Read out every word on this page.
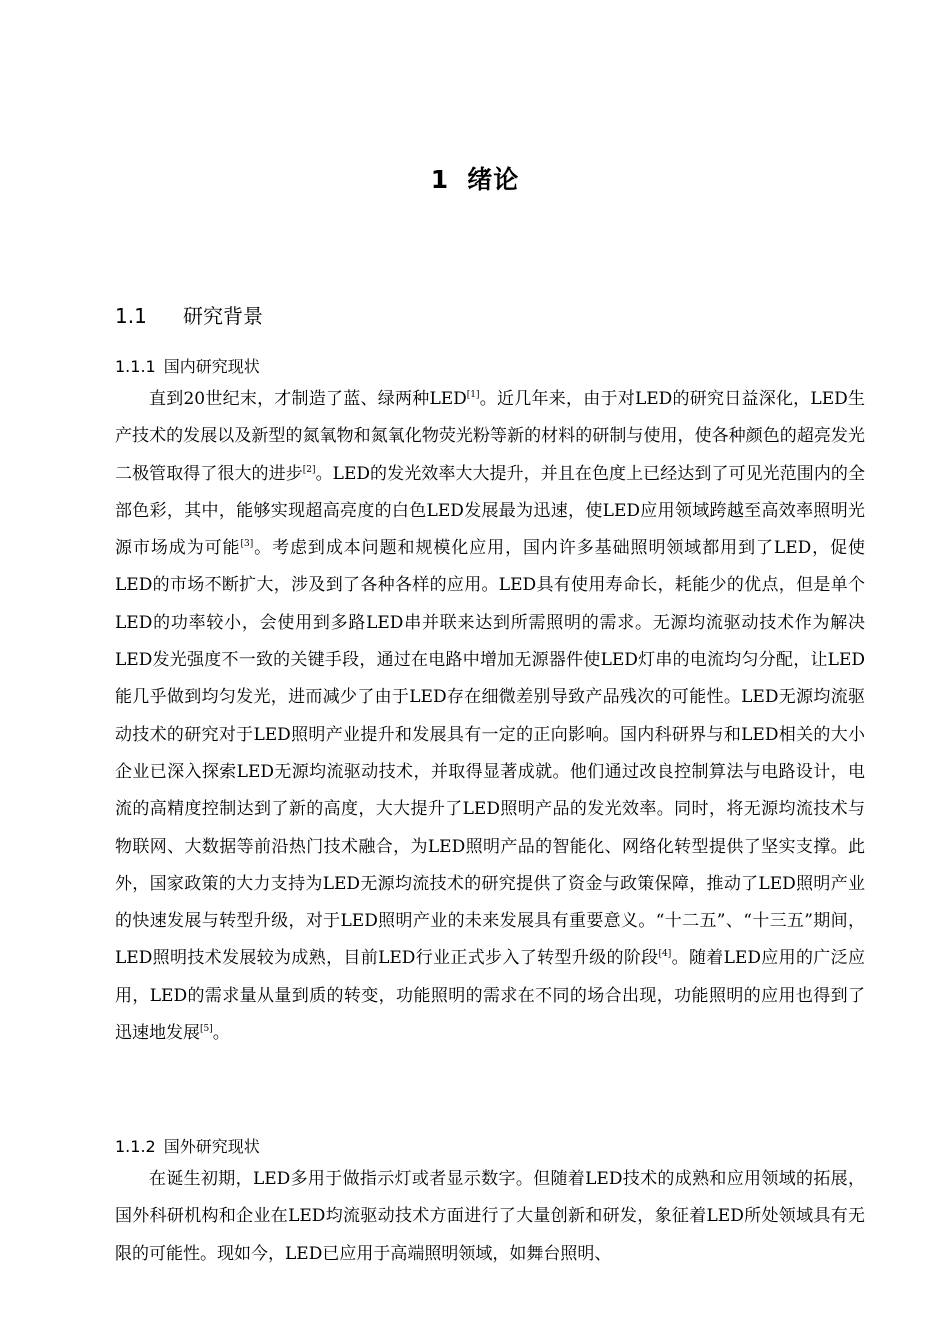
1 绪论
1.1 研究背景
1.1.1 国内研究现状

直到20世纪末，才制造了蓝、绿两种LED[1]。近几年来，由于对LED的研究日益深化，LED生产技术的发展以及新型的氮氧物和氮氧化物荧光粉等新的材料的研制与使用，使各种颜色的超亮发光二极管取得了很大的进步[2]。LED的发光效率大大提升，并且在色度上已经达到了可见光范围内的全部色彩，其中，能够实现超高亮度的白色LED发展最为迅速，使LED应用领域跨越至高效率照明光源市场成为可能[3]。考虑到成本问题和规模化应用，国内许多基础照明领域都用到了LED，促使LED的市场不断扩大，涉及到了各种各样的应用。LED具有使用寿命长，耗能少的优点，但是单个LED的功率较小，会使用到多路LED串并联来达到所需照明的需求。无源均流驱动技术作为解决LED发光强度不一致的关键手段，通过在电路中增加无源器件使LED灯串的电流均匀分配，让LED能几乎做到均匀发光，进而减少了由于LED存在细微差别导致产品残次的可能性。LED无源均流驱动技术的研究对于LED照明产业提升和发展具有一定的正向影响。国内科研界与和LED相关的大小企业已深入探索LED无源均流驱动技术，并取得显著成就。他们通过改良控制算法与电路设计，电流的高精度控制达到了新的高度，大大提升了LED照明产品的发光效率。同时，将无源均流技术与物联网、大数据等前沿热门技术融合，为LED照明产品的智能化、网络化转型提供了坚实支撑。此外，国家政策的大力支持为LED无源均流技术的研究提供了资金与政策保障，推动了LED照明产业的快速发展与转型升级，对于LED照明产业的未来发展具有重要意义。“十二五”、“十三五”期间，LED照明技术发展较为成熟，目前LED行业正式步入了转型升级的阶段[4]。随着LED应用的广泛应用，LED的需求量从量到质的转变，功能照明的需求在不同的场合出现，功能照明的应用也得到了迅速地发展[5]。

1.1.2 国外研究现状

在诞生初期，LED多用于做指示灯或者显示数字。但随着LED技术的成熟和应用领域的拓展，国外科研机构和企业在LED均流驱动技术方面进行了大量创新和研发，象征着LED所处领域具有无限的可能性。现如今，LED已应用于高端照明领域，如舞台照明、
